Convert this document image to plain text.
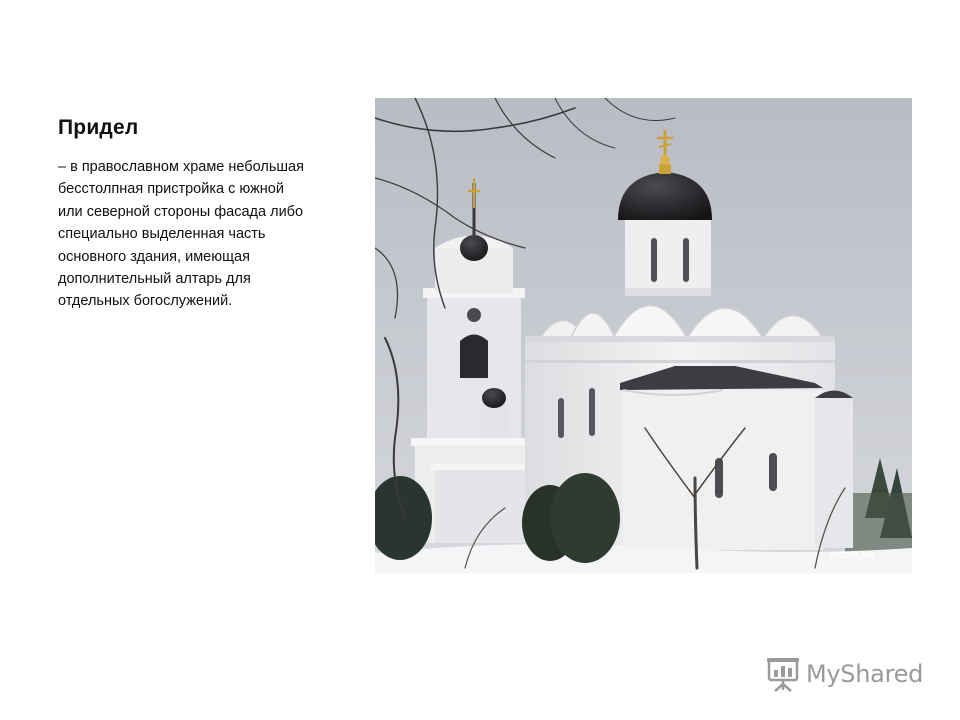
Придел
– в православном храме небольшая
бесстолпная пристройка с южной
или северной стороны фасада либо
специально выделенная часть
основного здания, имеющая
дополнительный алтарь для
отдельных богослужений.
ortop.su
MyShared
